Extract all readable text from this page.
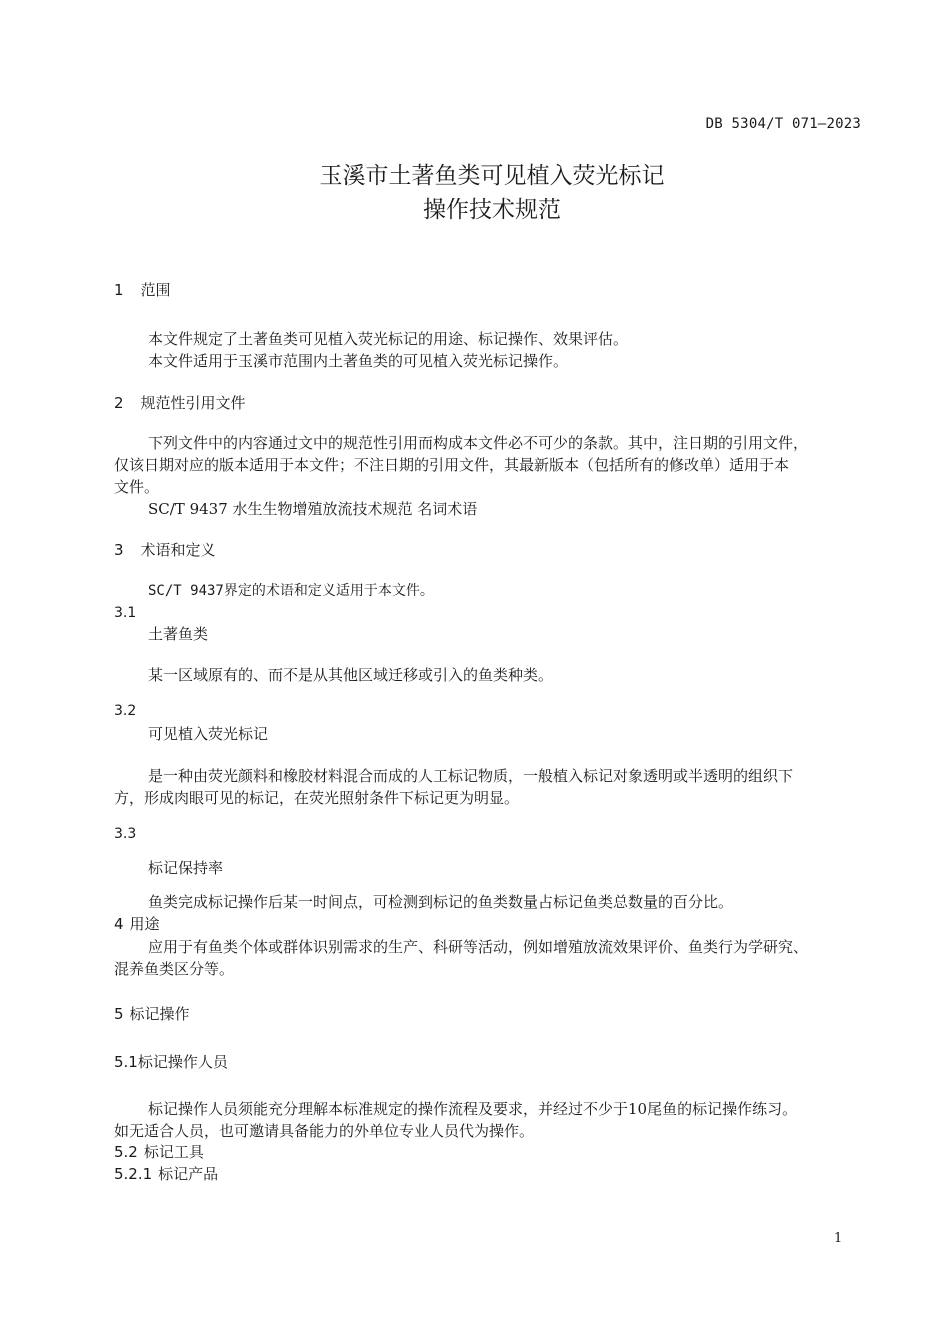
DB 5304/T 071—2023
玉溪市土著鱼类可见植入荧光标记
操作技术规范
1 范围
本文件规定了土著鱼类可见植入荧光标记的用途、标记操作、效果评估。
本文件适用于玉溪市范围内土著鱼类的可见植入荧光标记操作。
2 规范性引用文件
下列文件中的内容通过文中的规范性引用而构成本文件必不可少的条款。其中，注日期的引用文件，
仅该日期对应的版本适用于本文件；不注日期的引用文件，其最新版本（包括所有的修改单）适用于本
文件。
SC/T 9437 水生生物增殖放流技术规范 名词术语
3 术语和定义
SC/T 9437界定的术语和定义适用于本文件。
3.1
土著鱼类
某一区域原有的、而不是从其他区域迁移或引入的鱼类种类。
3.2
可见植入荧光标记
是一种由荧光颜料和橡胶材料混合而成的人工标记物质，一般植入标记对象透明或半透明的组织下
方，形成肉眼可见的标记，在荧光照射条件下标记更为明显。
3.3
标记保持率
鱼类完成标记操作后某一时间点，可检测到标记的鱼类数量占标记鱼类总数量的百分比。
4 用途
应用于有鱼类个体或群体识别需求的生产、科研等活动，例如增殖放流效果评价、鱼类行为学研究、
混养鱼类区分等。
5 标记操作
5.1标记操作人员
标记操作人员须能充分理解本标准规定的操作流程及要求，并经过不少于10尾鱼的标记操作练习。
如无适合人员，也可邀请具备能力的外单位专业人员代为操作。
5.2 标记工具
5.2.1 标记产品
1
